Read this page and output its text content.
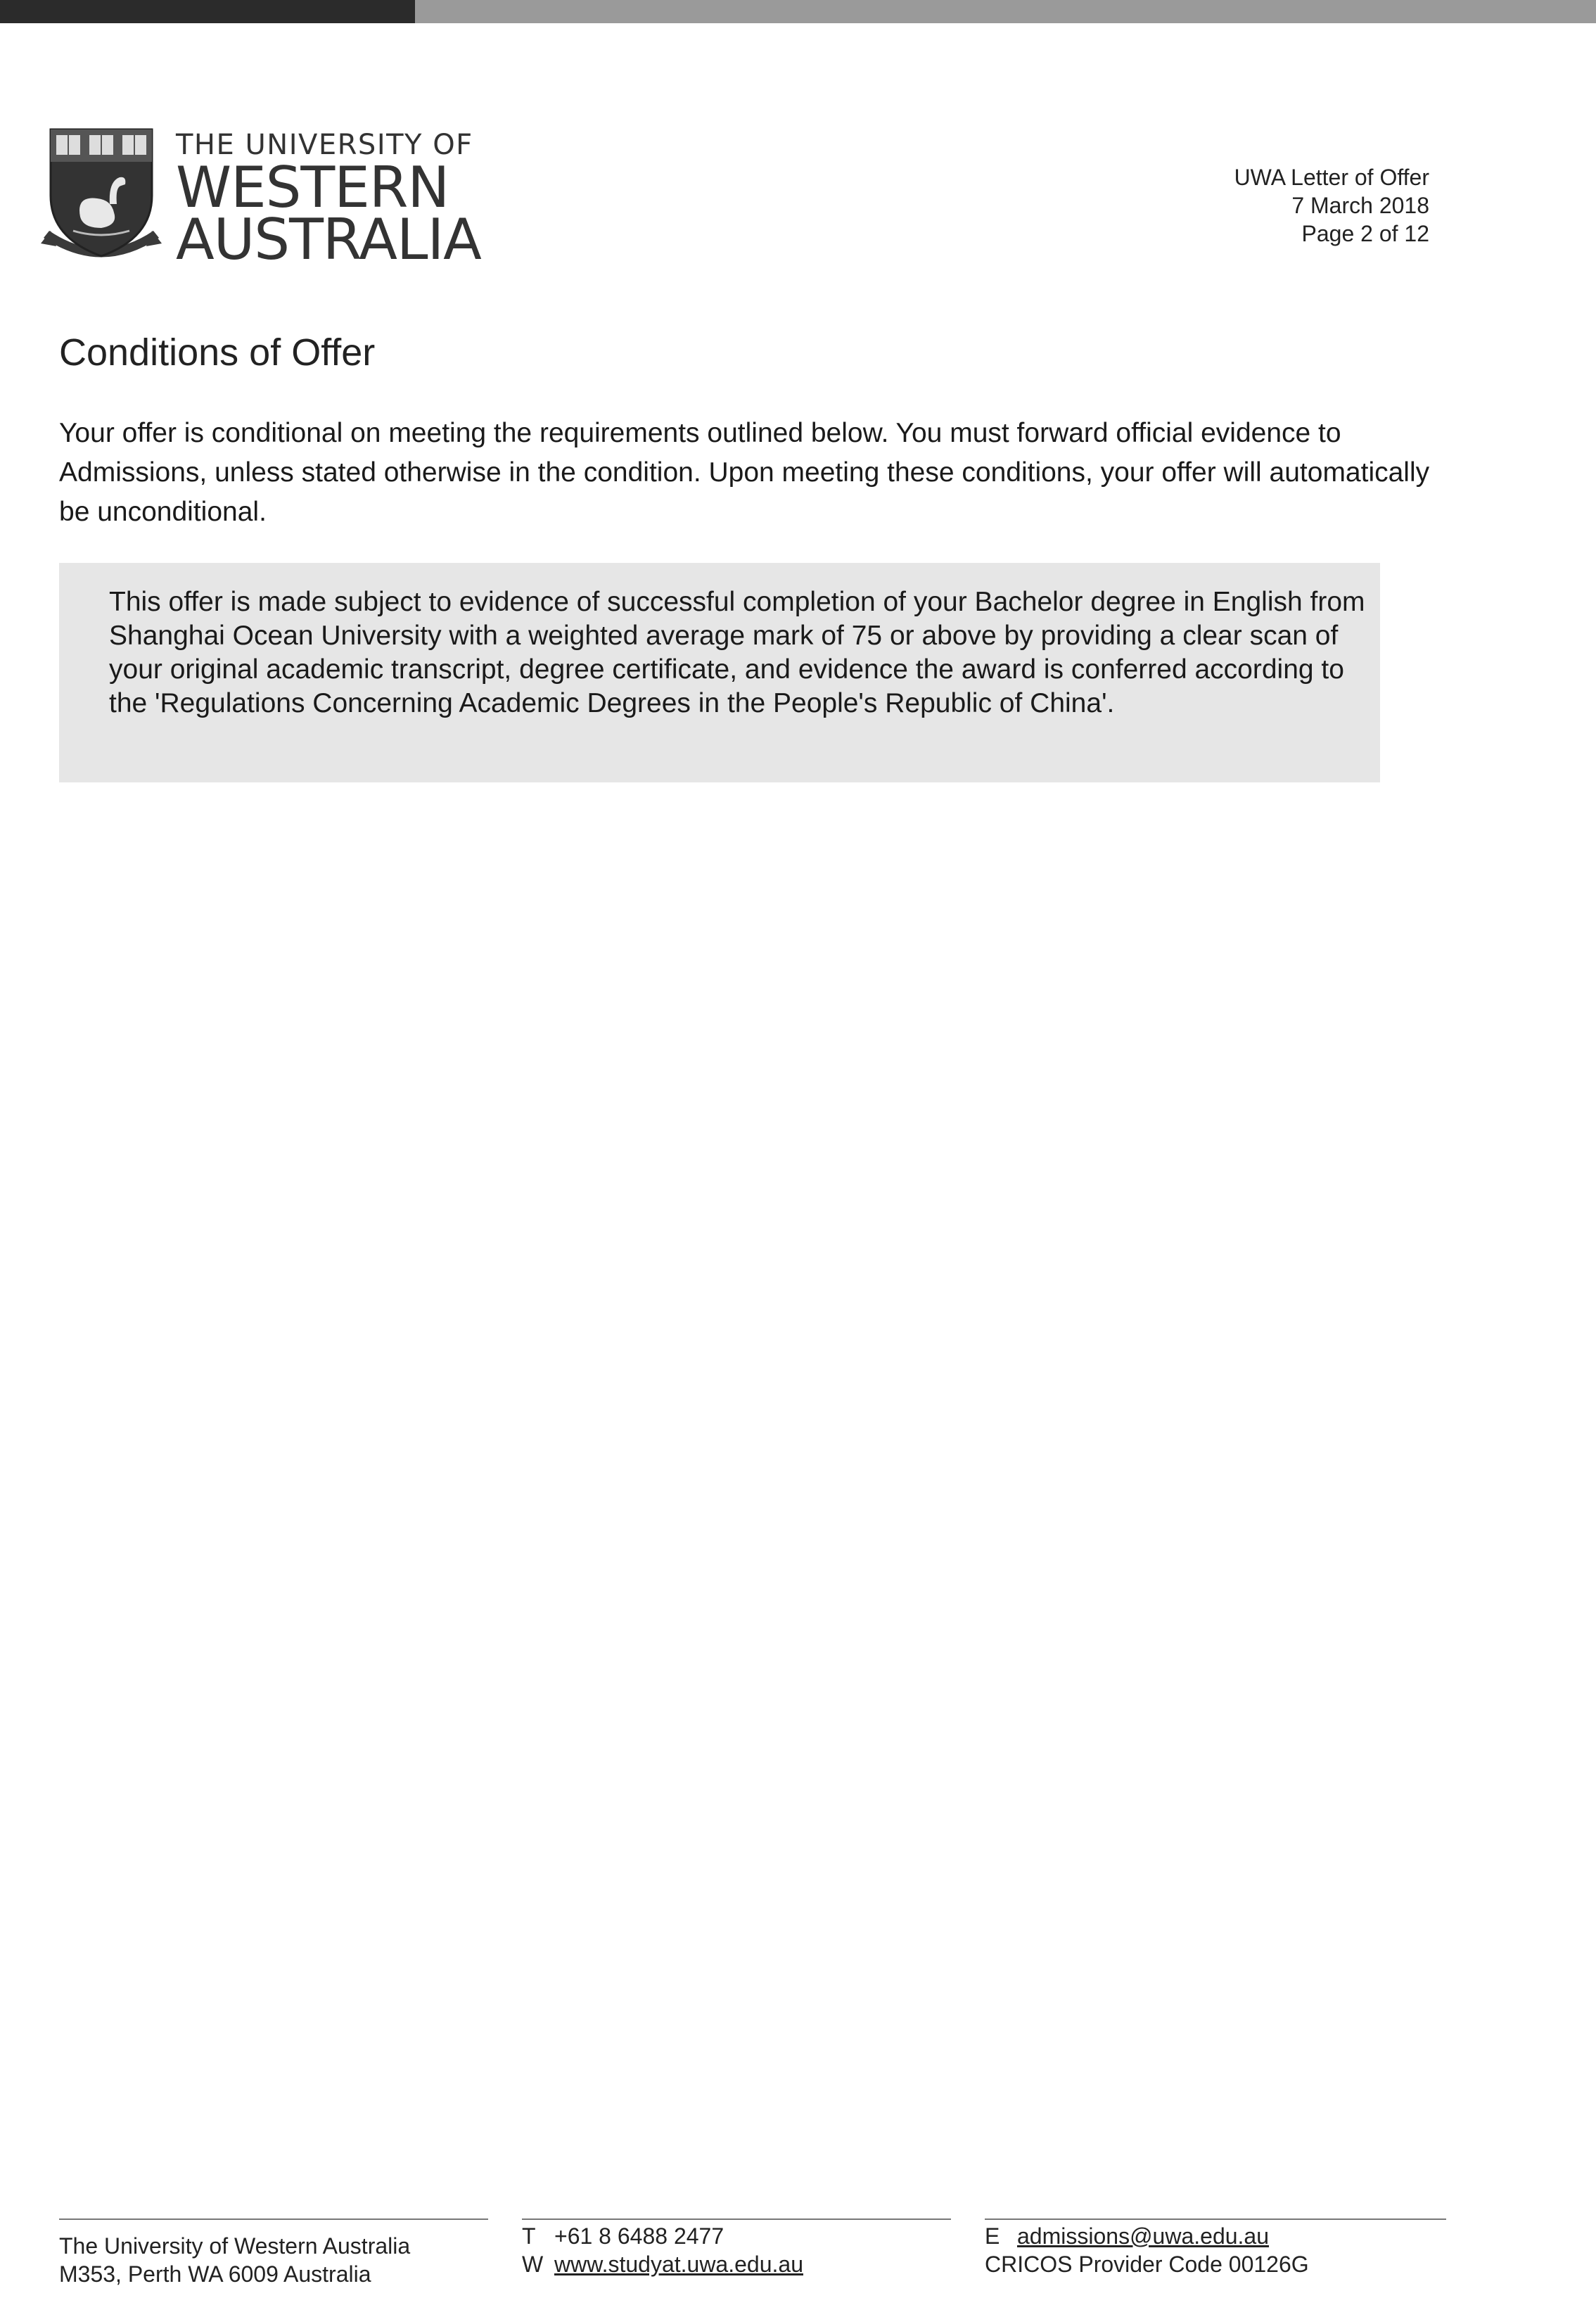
THE UNIVERSITY OF
WESTERN
AUSTRALIA
UWA Letter of Offer
7 March 2018
Page 2 of 12
Conditions of Offer

Your offer is conditional on meeting the requirements outlined below. You must forward official evidence to Admissions, unless stated otherwise in the condition. Upon meeting these conditions, your offer will automatically be unconditional.

This offer is made subject to evidence of successful completion of your Bachelor degree in English from Shanghai Ocean University with a weighted average mark of 75 or above by providing a clear scan of your original academic transcript, degree certificate, and evidence the award is conferred according to the 'Regulations Concerning Academic Degrees in the People's Republic of China'.

The University of Western Australia
M353, Perth WA 6009 Australia
T +61 8 6488 2477
W www.studyat.uwa.edu.au
E admissions@uwa.edu.au
CRICOS Provider Code 00126G
